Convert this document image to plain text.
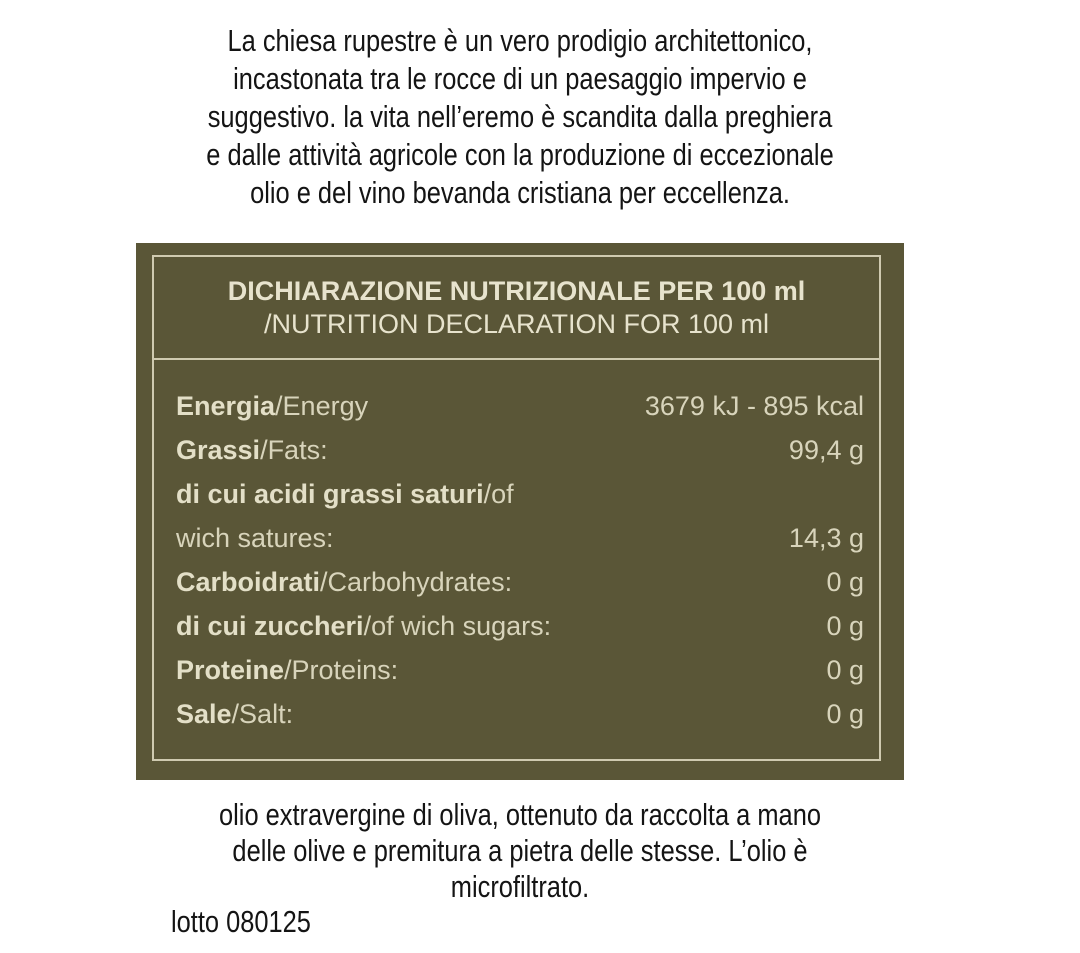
La chiesa rupestre è un vero prodigio architettonico,
incastonata tra le rocce di un paesaggio impervio e
suggestivo. la vita nell’eremo è scandita dalla preghiera
e dalle attività agricole con la produzione di eccezionale
olio e del vino bevanda cristiana per eccellenza.
DICHIARAZIONE NUTRIZIONALE PER 100 ml
/NUTRITION DECLARATION FOR 100 ml
Energia/Energy	3679 kJ - 895 kcal
Grassi/Fats:	99,4 g
di cui acidi grassi saturi/of
wich satures:	14,3 g
Carboidrati/Carbohydrates:	0 g
di cui zuccheri/of wich sugars:	0 g
Proteine/Proteins:	0 g
Sale/Salt:	0 g
olio extravergine di oliva, ottenuto da raccolta a mano
delle olive e premitura a pietra delle stesse. L’olio è
microfiltrato.
lotto 080125
